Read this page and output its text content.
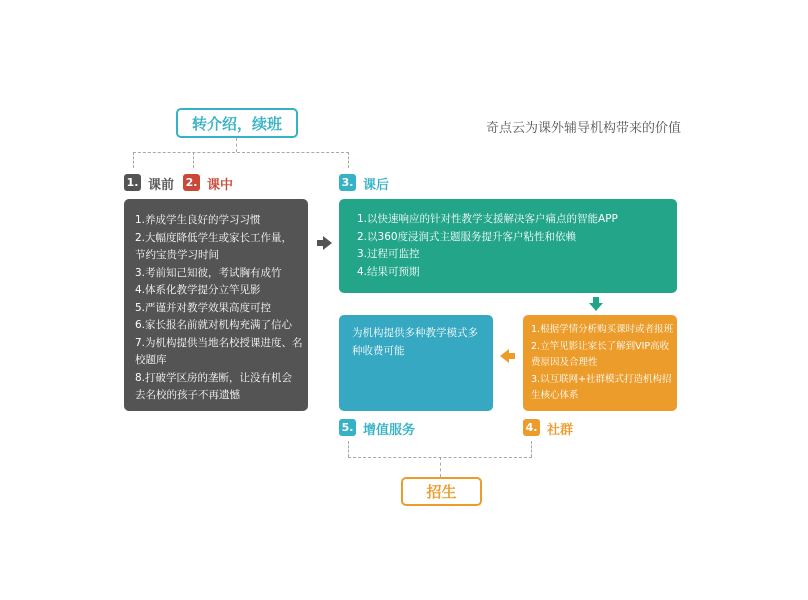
转介绍，续班	奇点云为课外辅导机构带来的价值
1. 课前 2. 课中	3. 课后
1.养成学生良好的学习习惯
2.大幅度降低学生或家长工作量，
节约宝贵学习时间
3.考前知己知彼，考试胸有成竹
4.体系化教学提分立竿见影
5.严谨并对教学效果高度可控
6.家长报名前就对机构充满了信心
7.为机构提供当地名校授课进度、名
校题库
8.打破学区房的垄断，让没有机会
去名校的孩子不再遗憾
1.以快速响应的针对性教学支援解决客户痛点的智能APP
2.以360度浸润式主题服务提升客户粘性和依赖
3.过程可监控
4.结果可预期
为机构提供多种教学模式多
种收费可能
1.根据学情分析购买课时或者报班
2.立竿见影让家长了解到VIP高收
费原因及合理性
3.以互联网+社群模式打造机构招
生核心体系
5. 增值服务	4. 社群
招生
